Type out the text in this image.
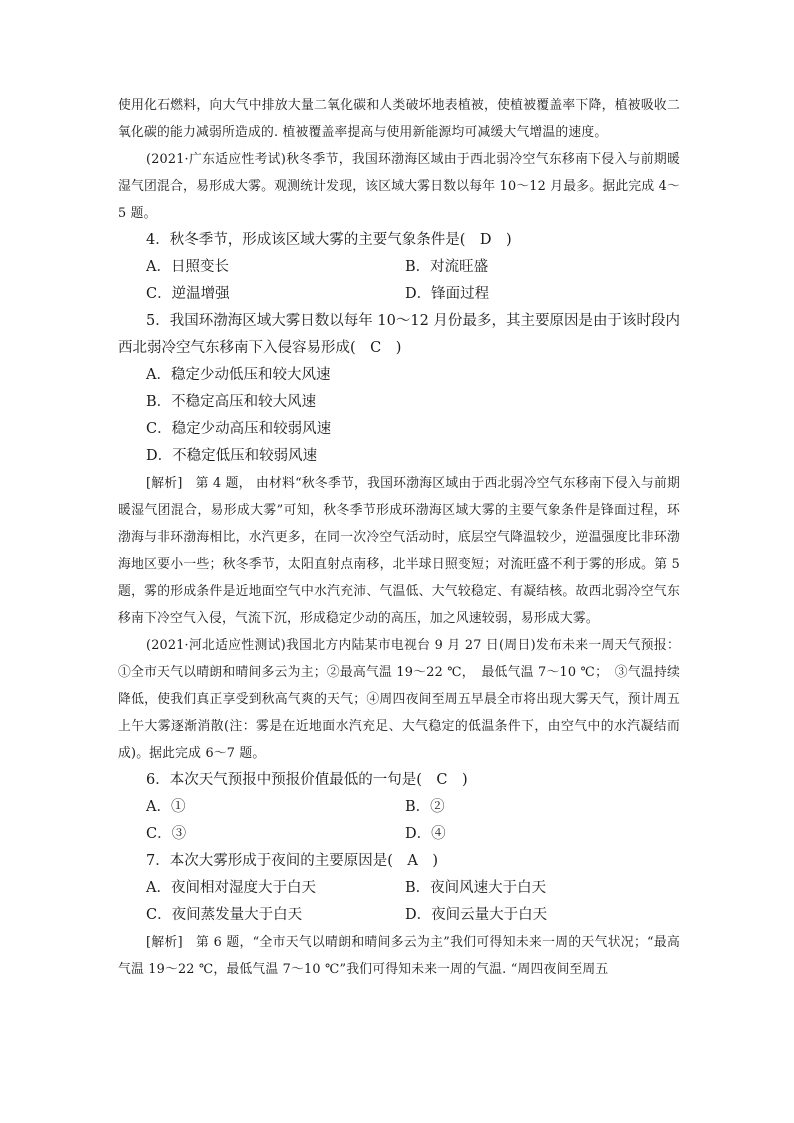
使用化石燃料，向大气中排放大量二氧化碳和人类破坏地表植被，使植被覆盖率下降，植被吸收二氧化碳的能力减弱所造成的. 植被覆盖率提高与使用新能源均可减缓大气增温的速度。

(2021·广东适应性考试)秋冬季节，我国环渤海区域由于西北弱冷空气东移南下侵入与前期暖湿气团混合，易形成大雾。观测统计发现，该区域大雾日数以每年 10～12 月最多。据此完成 4～5 题。

4．秋冬季节，形成该区域大雾的主要气象条件是(　D　)

A．日照变长	B．对流旺盛
C．逆温增强	D．锋面过程

5．我国环渤海区域大雾日数以每年 10～12 月份最多，其主要原因是由于该时段内西北弱冷空气东移南下入侵容易形成(　C　)

A．稳定少动低压和较大风速

B．不稳定高压和较大风速

C．稳定少动高压和较弱风速

D．不稳定低压和较弱风速

[解析]　第 4 题， 由材料“秋冬季节，我国环渤海区域由于西北弱冷空气东移南下侵入与前期暖湿气团混合，易形成大雾”可知，秋冬季节形成环渤海区域大雾的主要气象条件是锋面过程，环渤海与非环渤海相比，水汽更多，在同一次冷空气活动时，底层空气降温较少，逆温强度比非环渤海地区要小一些；秋冬季节，太阳直射点南移，北半球日照变短；对流旺盛不利于雾的形成。第 5 题，雾的形成条件是近地面空气中水汽充沛、气温低、大气较稳定、有凝结核。故西北弱冷空气东移南下冷空气入侵，气流下沉，形成稳定少动的高压，加之风速较弱，易形成大雾。

(2021·河北适应性测试)我国北方内陆某市电视台 9 月 27 日(周日)发布未来一周天气预报：①全市天气以晴朗和晴间多云为主；②最高气温 19～22 ℃，　最低气温 7～10 ℃；　③气温持续降低，使我们真正享受到秋高气爽的天气；④周四夜间至周五早晨全市将出现大雾天气，预计周五上午大雾逐渐消散(注：雾是在近地面水汽充足、大气稳定的低温条件下，由空气中的水汽凝结而成)。据此完成 6～7 题。

6．本次天气预报中预报价值最低的一句是(　C　)

A．①	B．②
C．③	D．④

7．本次大雾形成于夜间的主要原因是(　A　)

A．夜间相对湿度大于白天	B．夜间风速大于白天
C．夜间蒸发量大于白天	D．夜间云量大于白天

[解析]　第 6 题，“全市天气以晴朗和晴间多云为主”我们可得知未来一周的天气状况；“最高气温 19～22 ℃，最低气温 7～10 ℃”我们可得知未来一周的气温. “周四夜间至周五
